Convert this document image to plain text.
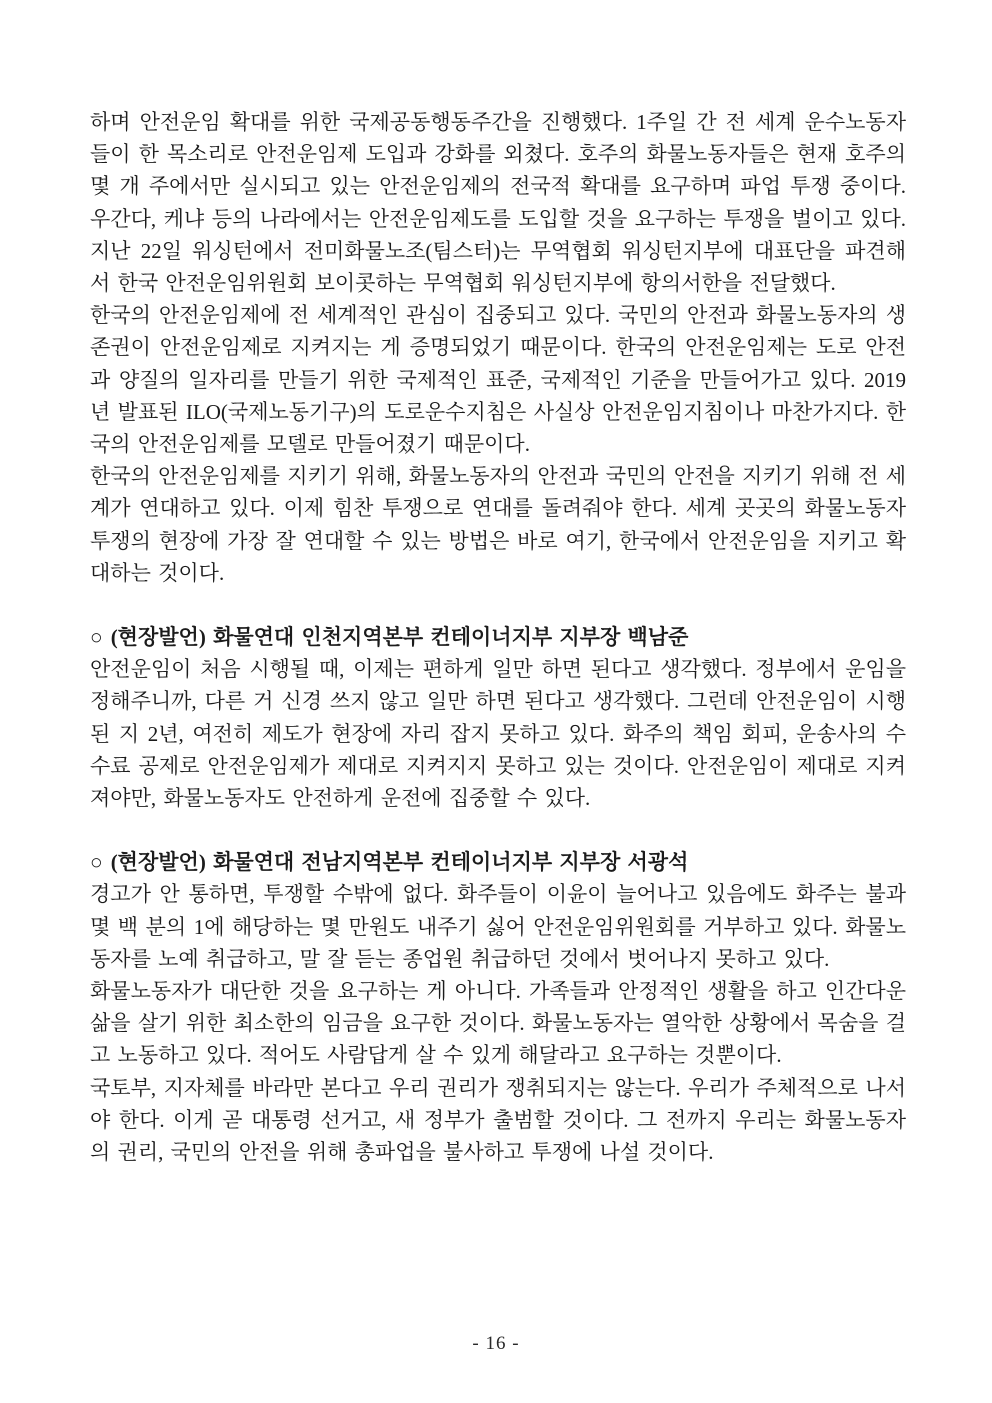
하며 안전운임 확대를 위한 국제공동행동주간을 진행했다. 1주일 간 전 세계 운수노동자들이 한 목소리로 안전운임제 도입과 강화를 외쳤다. 호주의 화물노동자들은 현재 호주의 몇 개 주에서만 실시되고 있는 안전운임제의 전국적 확대를 요구하며 파업 투쟁 중이다. 우간다, 케냐 등의 나라에서는 안전운임제도를 도입할 것을 요구하는 투쟁을 벌이고 있다. 지난 22일 워싱턴에서 전미화물노조(팀스터)는 무역협회 워싱턴지부에 대표단을 파견해서 한국 안전운임위원회 보이콧하는 무역협회 워싱턴지부에 항의서한을 전달했다.

한국의 안전운임제에 전 세계적인 관심이 집중되고 있다. 국민의 안전과 화물노동자의 생존권이 안전운임제로 지켜지는 게 증명되었기 때문이다. 한국의 안전운임제는 도로 안전과 양질의 일자리를 만들기 위한 국제적인 표준, 국제적인 기준을 만들어가고 있다. 2019년 발표된 ILO(국제노동기구)의 도로운수지침은 사실상 안전운임지침이나 마찬가지다. 한국의 안전운임제를 모델로 만들어졌기 때문이다.

한국의 안전운임제를 지키기 위해, 화물노동자의 안전과 국민의 안전을 지키기 위해 전 세계가 연대하고 있다. 이제 힘찬 투쟁으로 연대를 돌려줘야 한다. 세계 곳곳의 화물노동자 투쟁의 현장에 가장 잘 연대할 수 있는 방법은 바로 여기, 한국에서 안전운임을 지키고 확대하는 것이다.

○ (현장발언) 화물연대 인천지역본부 컨테이너지부 지부장 백남준

안전운임이 처음 시행될 때, 이제는 편하게 일만 하면 된다고 생각했다. 정부에서 운임을 정해주니까, 다른 거 신경 쓰지 않고 일만 하면 된다고 생각했다. 그런데 안전운임이 시행된 지 2년, 여전히 제도가 현장에 자리 잡지 못하고 있다. 화주의 책임 회피, 운송사의 수수료 공제로 안전운임제가 제대로 지켜지지 못하고 있는 것이다. 안전운임이 제대로 지켜져야만, 화물노동자도 안전하게 운전에 집중할 수 있다.

○ (현장발언) 화물연대 전남지역본부 컨테이너지부 지부장 서광석

경고가 안 통하면, 투쟁할 수밖에 없다. 화주들이 이윤이 늘어나고 있음에도 화주는 불과 몇 백 분의 1에 해당하는 몇 만원도 내주기 싫어 안전운임위원회를 거부하고 있다. 화물노동자를 노예 취급하고, 말 잘 듣는 종업원 취급하던 것에서 벗어나지 못하고 있다.

화물노동자가 대단한 것을 요구하는 게 아니다. 가족들과 안정적인 생활을 하고 인간다운 삶을 살기 위한 최소한의 임금을 요구한 것이다. 화물노동자는 열악한 상황에서 목숨을 걸고 노동하고 있다. 적어도 사람답게 살 수 있게 해달라고 요구하는 것뿐이다.

국토부, 지자체를 바라만 본다고 우리 권리가 쟁취되지는 않는다. 우리가 주체적으로 나서야 한다. 이게 곧 대통령 선거고, 새 정부가 출범할 것이다. 그 전까지 우리는 화물노동자의 권리, 국민의 안전을 위해 총파업을 불사하고 투쟁에 나설 것이다.

- 16 -
